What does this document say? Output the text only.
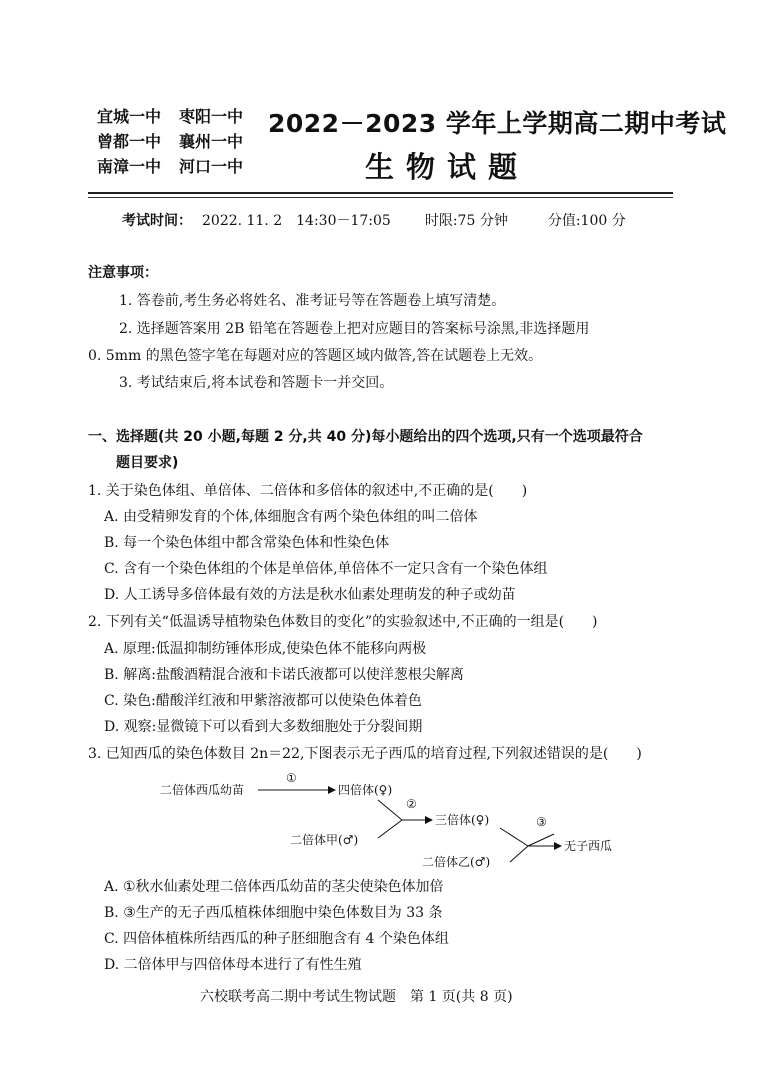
宜城一中 枣阳一中
曾都一中 襄州一中
南漳一中 河口一中
2022－2023 学年上学期高二期中考试
生物试题
考试时间： 2022. 11. 2　14:30－17:05 时限:75 分钟	分值:100 分
注意事项：
1. 答卷前,考生务必将姓名、准考证号等在答题卷上填写清楚。
2. 选择题答案用 2B 铅笔在答题卷上把对应题目的答案标号涂黑,非选择题用
0. 5mm 的黑色签字笔在每题对应的答题区域内做答,答在试题卷上无效。
3. 考试结束后,将本试卷和答题卡一并交回。
一、选择题(共 20 小题,每题 2 分,共 40 分)每小题给出的四个选项,只有一个选项最符合
题目要求)
1. 关于染色体组、单倍体、二倍体和多倍体的叙述中,不正确的是(　　)
A. 由受精卵发育的个体,体细胞含有两个染色体组的叫二倍体
B. 每一个染色体组中都含常染色体和性染色体
C. 含有一个染色体组的个体是单倍体,单倍体不一定只含有一个染色体组
D. 人工诱导多倍体最有效的方法是秋水仙素处理萌发的种子或幼苗
2. 下列有关“低温诱导植物染色体数目的变化”的实验叙述中,不正确的一组是(　　)
A. 原理:低温抑制纺锤体形成,使染色体不能移向两极
B. 解离:盐酸酒精混合液和卡诺氏液都可以使洋葱根尖解离
C. 染色:醋酸洋红液和甲紫溶液都可以使染色体着色
D. 观察:显微镜下可以看到大多数细胞处于分裂间期
3. 已知西瓜的染色体数目 2n＝22,下图表示无子西瓜的培育过程,下列叙述错误的是(　　)
二倍体西瓜幼苗
①
四倍体(♀)
二倍体甲(♂)
②
三倍体(♀)
二倍体乙(♂)
③
无子西瓜
A. ①秋水仙素处理二倍体西瓜幼苗的茎尖使染色体加倍
B. ③生产的无子西瓜植株体细胞中染色体数目为 33 条
C. 四倍体植株所结西瓜的种子胚细胞含有 4 个染色体组
D. 二倍体甲与四倍体母本进行了有性生殖
六校联考高二期中考试生物试题　第 1 页(共 8 页)
